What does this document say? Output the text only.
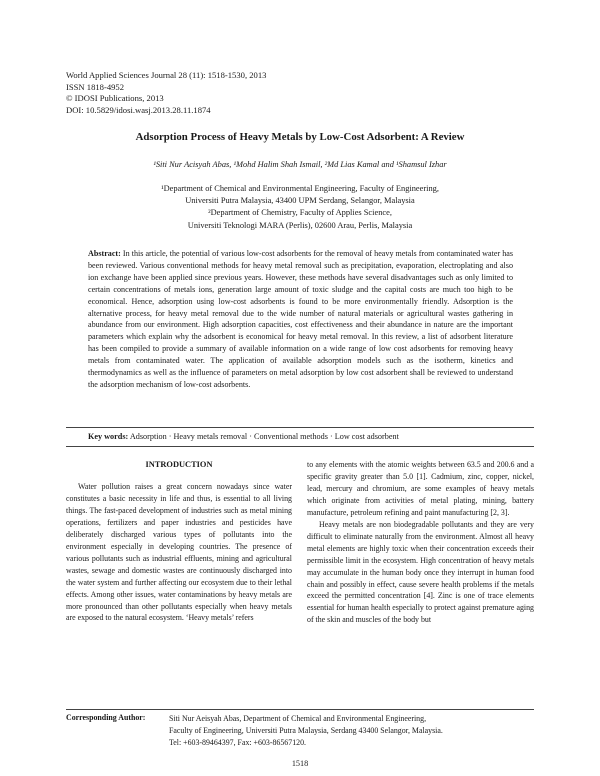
World Applied Sciences Journal 28 (11): 1518-1530, 2013
ISSN 1818-4952
© IDOSI Publications, 2013
DOI: 10.5829/idosi.wasj.2013.28.11.1874
Adsorption Process of Heavy Metals by Low-Cost Adsorbent: A Review
¹Siti Nur Acisyah Abas, ¹Mohd Halim Shah Ismail, ²Md Lias Kamal and ¹Shamsul Izhar
¹Department of Chemical and Environmental Engineering, Faculty of Engineering,
Universiti Putra Malaysia, 43400 UPM Serdang, Selangor, Malaysia
²Department of Chemistry, Faculty of Applies Science,
Universiti Teknologi MARA (Perlis), 02600 Arau, Perlis, Malaysia
Abstract: In this article, the potential of various low-cost adsorbents for the removal of heavy metals from contaminated water has been reviewed. Various conventional methods for heavy metal removal such as precipitation, evaporation, electroplating and also ion exchange have been applied since previous years. However, these methods have several disadvantages such as only limited to certain concentrations of metals ions, generation large amount of toxic sludge and the capital costs are much too high to be economical. Hence, adsorption using low-cost adsorbents is found to be more environmentally friendly. Adsorption is the alternative process, for heavy metal removal due to the wide number of natural materials or agricultural wastes gathering in abundance from our environment. High adsorption capacities, cost effectiveness and their abundance in nature are the important parameters which explain why the adsorbent is economical for heavy metal removal. In this review, a list of adsorbent literature has been compiled to provide a summary of available information on a wide range of low cost adsorbents for removing heavy metals from contaminated water. The application of available adsorption models such as the isotherm, kinetics and thermodynamics as well as the influence of parameters on metal adsorption by low cost adsorbent shall be reviewed to understand the adsorption mechanism of low-cost adsorbents.
Key words: Adsorption · Heavy metals removal · Conventional methods · Low cost adsorbent
INTRODUCTION

Water pollution raises a great concern nowadays since water constitutes a basic necessity in life and thus, is essential to all living things. The fast-paced development of industries such as metal mining operations, fertilizers and paper industries and pesticides have deliberately discharged various types of pollutants into the environment especially in developing countries. The presence of various pollutants such as industrial effluents, mining and agricultural wastes, sewage and domestic wastes are continuously discharged into the water system and further affecting our ecosystem due to their lethal effects. Among other issues, water contaminations by heavy metals are more pronounced than other pollutants especially when heavy metals are exposed to the natural ecosystem. ‘Heavy metals’ refers

to any elements with the atomic weights between 63.5 and 200.6 and a specific gravity greater than 5.0 [1]. Cadmium, zinc, copper, nickel, lead, mercury and chromium, are some examples of heavy metals which originate from activities of metal plating, mining, battery manufacture, petroleum refining and paint manufacturing [2, 3].

Heavy metals are non biodegradable pollutants and they are very difficult to eliminate naturally from the environment. Almost all heavy metal elements are highly toxic when their concentration exceeds their permissible limit in the ecosystem. High concentration of heavy metals may accumulate in the human body once they interrupt in human food chain and possibly in effect, cause severe health problems if the metals exceed the permitted concentration [4]. Zinc is one of trace elements essential for human health especially to protect against premature aging of the skin and muscles of the body but

Corresponding Author:	Siti Nur Aeisyah Abas, Department of Chemical and Environmental Engineering,
Faculty of Engineering, Universiti Putra Malaysia, Serdang 43400 Selangor, Malaysia.
Tel: +603-89464397, Fax: +603-86567120.
1518
